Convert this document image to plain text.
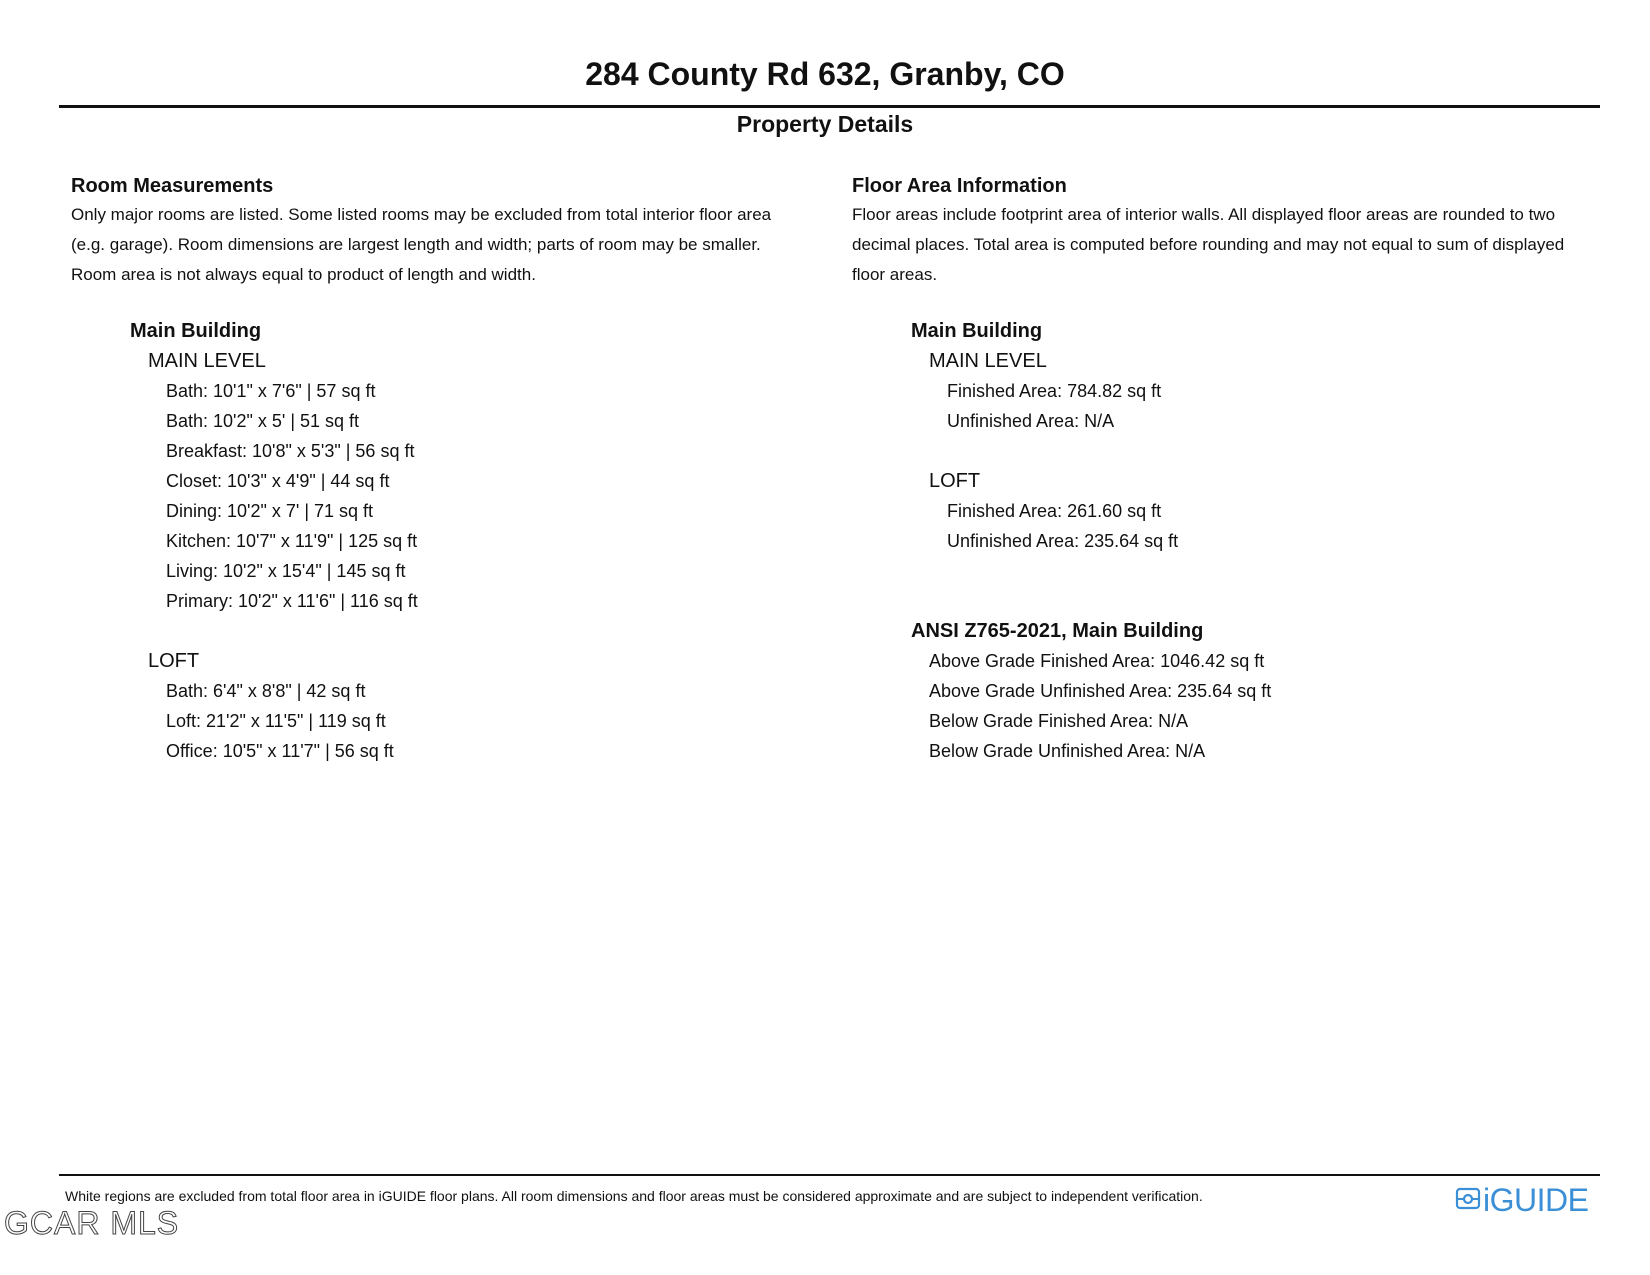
284 County Rd 632, Granby, CO
Property Details
Room Measurements
Only major rooms are listed. Some listed rooms may be excluded from total interior floor area
(e.g. garage). Room dimensions are largest length and width; parts of room may be smaller.
Room area is not always equal to product of length and width.
Main Building
MAIN LEVEL
Bath: 10'1" x 7'6" | 57 sq ft
Bath: 10'2" x 5' | 51 sq ft
Breakfast: 10'8" x 5'3" | 56 sq ft
Closet: 10'3" x 4'9" | 44 sq ft
Dining: 10'2" x 7' | 71 sq ft
Kitchen: 10'7" x 11'9" | 125 sq ft
Living: 10'2" x 15'4" | 145 sq ft
Primary: 10'2" x 11'6" | 116 sq ft
LOFT
Bath: 6'4" x 8'8" | 42 sq ft
Loft: 21'2" x 11'5" | 119 sq ft
Office: 10'5" x 11'7" | 56 sq ft
Floor Area Information
Floor areas include footprint area of interior walls. All displayed floor areas are rounded to two
decimal places. Total area is computed before rounding and may not equal to sum of displayed
floor areas.
Main Building
MAIN LEVEL
Finished Area: 784.82 sq ft
Unfinished Area: N/A
LOFT
Finished Area: 261.60 sq ft
Unfinished Area: 235.64 sq ft
ANSI Z765-2021, Main Building
Above Grade Finished Area: 1046.42 sq ft
Above Grade Unfinished Area: 235.64 sq ft
Below Grade Finished Area: N/A
Below Grade Unfinished Area: N/A
White regions are excluded from total floor area in iGUIDE floor plans. All room dimensions and floor areas must be considered approximate and are subject to independent verification.
GCAR MLS
iGUIDE
